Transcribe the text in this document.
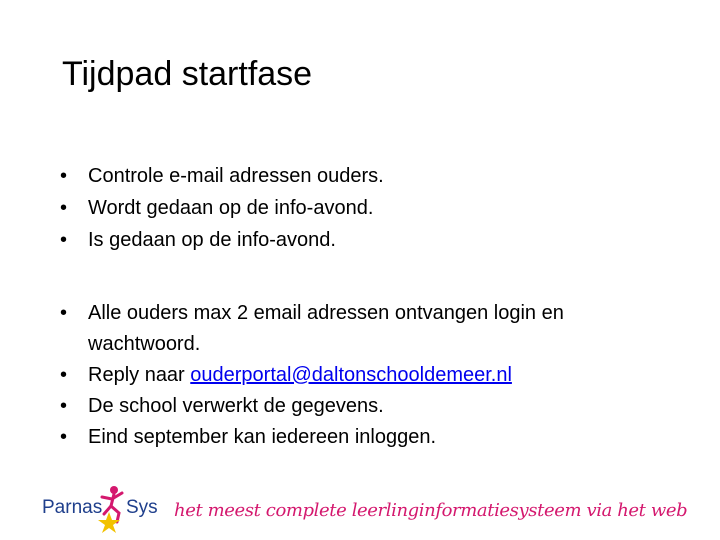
Tijdpad startfase
• Controle e-mail adressen ouders.
• Wordt gedaan op de info-avond.
• Is gedaan op de info-avond.
• Alle ouders max 2 email adressen ontvangen login en wachtwoord.
• Reply naar ouderportal@daltonschooldemeer.nl
• De school verwerkt de gegevens.
• Eind september kan iedereen inloggen.
Parnas Sys het meest complete leerlinginformatiesysteem via het web
